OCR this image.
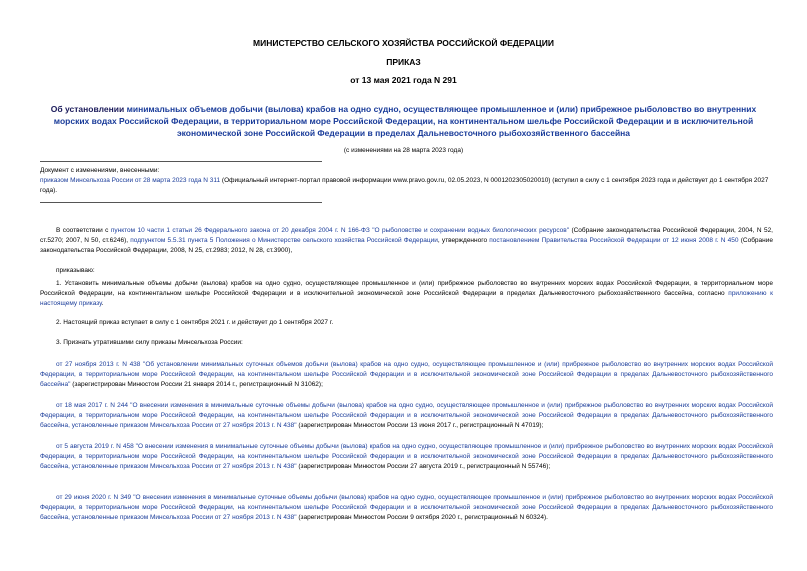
МИНИСТЕРСТВО СЕЛЬСКОГО ХОЗЯЙСТВА РОССИЙСКОЙ ФЕДЕРАЦИИ
ПРИКАЗ
от 13 мая 2021 года N 291
Об установлении минимальных объемов добычи (вылова) крабов на одно судно, осуществляющее промышленное и (или) прибрежное рыболовство во внутренних морских водах Российской Федерации, в территориальном море Российской Федерации, на континентальном шельфе Российской Федерации и в исключительной экономической зоне Российской Федерации в пределах Дальневосточного рыбохозяйственного бассейна
(с изменениями на 28 марта 2023 года)
Документ с изменениями, внесенными:
приказом Минсельхоза России от 28 марта 2023 года N 311 (Официальный интернет-портал правовой информации www.pravo.gov.ru, 02.05.2023, N 0001202305020010) (вступил в силу с 1 сентября 2023 года и действует до 1 сентября 2027 года).

В соответствии с пунктом 10 части 1 статьи 26 Федерального закона от 20 декабря 2004 г. N 166-ФЗ "О рыболовстве и сохранении водных биологических ресурсов" (Собрание законодательства Российской Федерации, 2004, N 52, ст.5270; 2007, N 50, ст.6246), подпунктом 5.5.31 пункта 5 Положения о Министерстве сельского хозяйства Российской Федерации, утвержденного постановлением Правительства Российской Федерации от 12 июня 2008 г. N 450 (Собрание законодательства Российской Федерации, 2008, N 25, ст.2983; 2012, N 28, ст.3900),

приказываю:

1. Установить минимальные объемы добычи (вылова) крабов на одно судно, осуществляющее промышленное и (или) прибрежное рыболовство во внутренних морских водах Российской Федерации, в территориальном море Российской Федерации, на континентальном шельфе Российской Федерации и в исключительной экономической зоне Российской Федерации в пределах Дальневосточного рыбохозяйственного бассейна, согласно приложению к настоящему приказу.

2. Настоящий приказ вступает в силу с 1 сентября 2021 г. и действует до 1 сентября 2027 г.

3. Признать утратившими силу приказы Минсельхоза России:

от 27 ноября 2013 г. N 438 "Об установлении минимальных суточных объемов добычи (вылова) крабов на одно судно, осуществляющее промышленное и (или) прибрежное рыболовство во внутренних морских водах Российской Федерации, в территориальном море Российской Федерации, на континентальном шельфе Российской Федерации и в исключительной экономической зоне Российской Федерации в пределах Дальневосточного рыбохозяйственного бассейна" (зарегистрирован Минюстом России 21 января 2014 г., регистрационный N 31062);

от 18 мая 2017 г. N 244 "О внесении изменения в минимальные суточные объемы добычи (вылова) крабов на одно судно, осуществляющее промышленное и (или) прибрежное рыболовство во внутренних морских водах Российской Федерации, в территориальном море Российской Федерации, на континентальном шельфе Российской Федерации и в исключительной экономической зоне Российской Федерации в пределах Дальневосточного рыбохозяйственного бассейна, установленные приказом Минсельхоза России от 27 ноября 2013 г. N 438" (зарегистрирован Минюстом России 13 июня 2017 г., регистрационный N 47019);

от 5 августа 2019 г. N 458 "О внесении изменения в минимальные суточные объемы добычи (вылова) крабов на одно судно, осуществляющее промышленное и (или) прибрежное рыболовство во внутренних морских водах Российской Федерации, в территориальном море Российской Федерации, на континентальном шельфе Российской Федерации и в исключительной экономической зоне Российской Федерации в пределах Дальневосточного рыбохозяйственного бассейна, установленные приказом Минсельхоза России от 27 ноября 2013 г. N 438" (зарегистрирован Минюстом России 27 августа 2019 г., регистрационный N 55746);

от 29 июня 2020 г. N 349 "О внесении изменения в минимальные суточные объемы добычи (вылова) крабов на одно судно, осуществляющее промышленное и (или) прибрежное рыболовство во внутренних морских водах Российской Федерации, в территориальном море Российской Федерации, на континентальном шельфе Российской Федерации и в исключительной экономической зоне Российской Федерации в пределах Дальневосточного рыбохозяйственного бассейна, установленные приказом Минсельхоза России от 27 ноября 2013 г. N 438" (зарегистрирован Минюстом России 9 октября 2020 г., регистрационный N 60324).
